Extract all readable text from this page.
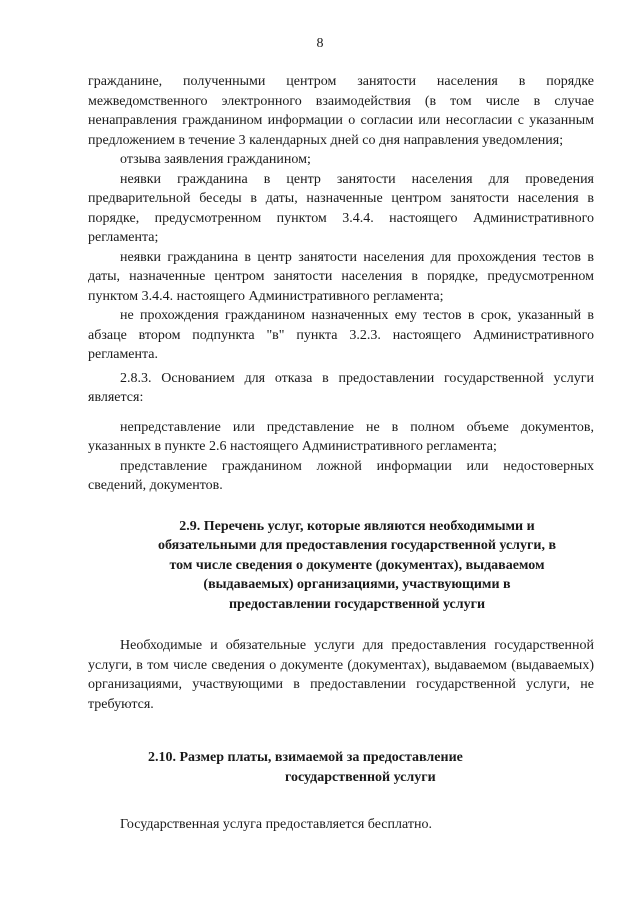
8

гражданине, полученными центром занятости населения в порядке межведомственного электронного взаимодействия (в том числе в случае ненаправления гражданином информации о согласии или несогласии с указанным предложением в течение 3 календарных дней со дня направления уведомления;

отзыва заявления гражданином;

неявки гражданина в центр занятости населения для проведения предварительной беседы в даты, назначенные центром занятости населения в порядке, предусмотренном пунктом 3.4.4. настоящего Административного регламента;

неявки гражданина в центр занятости населения для прохождения тестов в даты, назначенные центром занятости населения в порядке, предусмотренном пунктом 3.4.4. настоящего Административного регламента;

не прохождения гражданином назначенных ему тестов в срок, указанный в абзаце втором подпункта "в" пункта 3.2.3. настоящего Административного регламента.

2.8.3. Основанием для отказа в предоставлении государственной услуги является:

непредставление или представление не в полном объеме документов, указанных в пункте 2.6 настоящего Административного регламента;

представление гражданином ложной информации или недостоверных сведений, документов.

2.9. Перечень услуг, которые являются необходимыми и
обязательными для предоставления государственной услуги, в
том числе сведения о документе (документах), выдаваемом
(выдаваемых) организациями, участвующими в
предоставлении государственной услуги

Необходимые и обязательные услуги для предоставления государственной услуги, в том числе сведения о документе (документах), выдаваемом (выдаваемых) организациями, участвующими в предоставлении государственной услуги, не требуются.

2.10. Размер платы, взимаемой за предоставление
государственной услуги

Государственная услуга предоставляется бесплатно.
